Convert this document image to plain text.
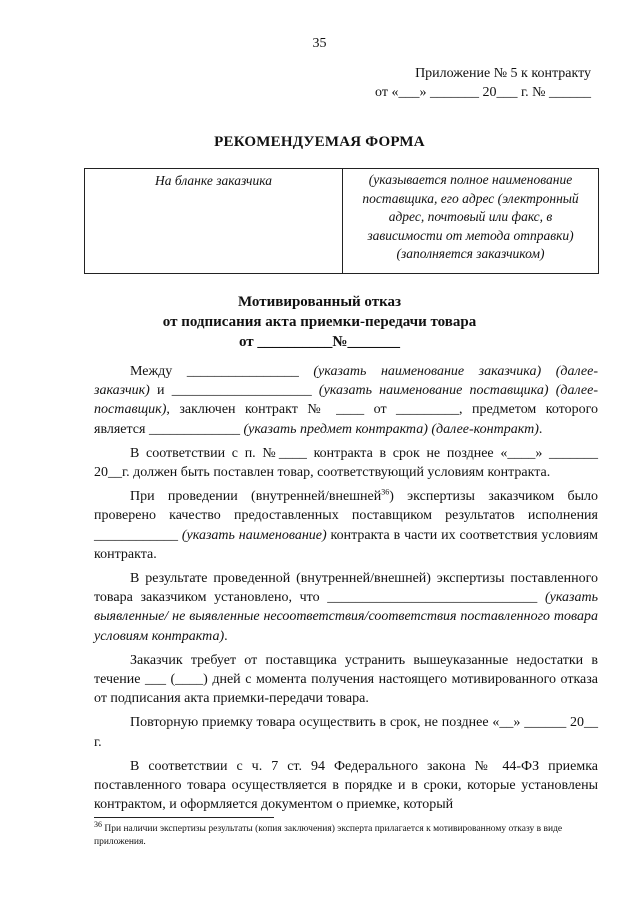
35
Приложение № 5 к контракту
от «___» _______ 20___ г. № ______
РЕКОМЕНДУЕМАЯ ФОРМА
На бланке заказчика	(указывается полное наименование поставщика, его адрес (электронный адрес, почтовый или факс, в зависимости от метода отправки) (заполняется заказчиком)
Мотивированный отказ
от подписания акта приемки-передачи товара
от __________№_______

Между ________________ (указать наименование заказчика) (далее-заказчик) и ____________________ (указать наименование поставщика) (далее-поставщик), заключен контракт № ____ от _________, предметом которого является _____________ (указать предмет контракта) (далее-контракт).

В соответствии с п. №____ контракта в срок не позднее «____» _______ 20__г. должен быть поставлен товар, соответствующий условиям контракта.

При проведении (внутренней/внешней$^{36}$) экспертизы заказчиком было проверено качество предоставленных поставщиком результатов исполнения ____________ (указать наименование) контракта в части их соответствия условиям контракта.

В результате проведенной (внутренней/внешней) экспертизы поставленного товара заказчиком установлено, что ______________________________ (указать выявленные/ не выявленные несоответствия/соответствия поставленного товара условиям контракта).

Заказчик требует от поставщика устранить вышеуказанные недостатки в течение ___ (____) дней с момента получения настоящего мотивированного отказа от подписания акта приемки-передачи товара.

Повторную приемку товара осуществить в срок, не позднее «__» ______ 20__ г.

В соответствии с ч. 7 ст. 94 Федерального закона № 44-ФЗ приемка поставленного товара осуществляется в порядке и в сроки, которые установлены контрактом, и оформляется документом о приемке, который

$^{36}$ При наличии экспертизы результаты (копия заключения) эксперта прилагается к мотивированному отказу в виде приложения.
